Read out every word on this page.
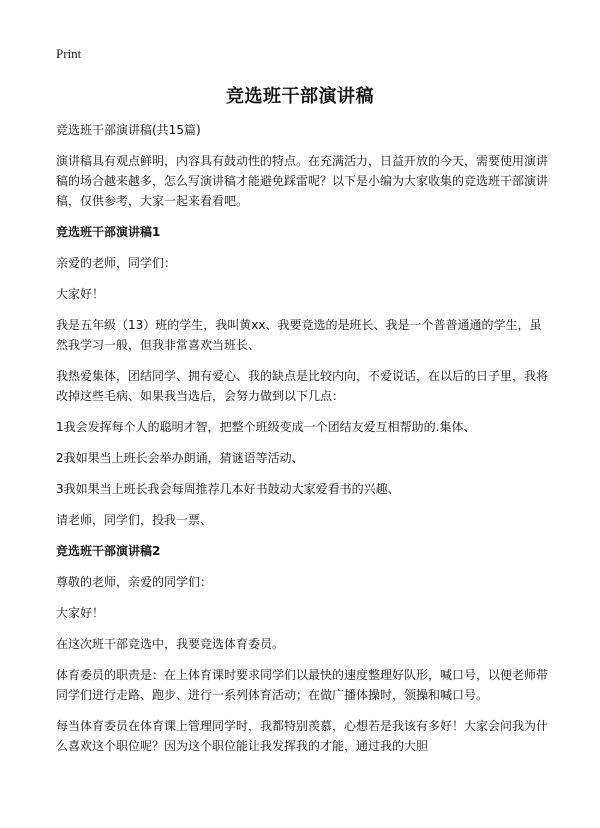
Print
竞选班干部演讲稿

竞选班干部演讲稿(共15篇)

演讲稿具有观点鲜明，内容具有鼓动性的特点。在充满活力，日益开放的今天，需要使用演讲稿的场合越来越多，怎么写演讲稿才能避免踩雷呢？以下是小编为大家收集的竞选班干部演讲稿，仅供参考，大家一起来看看吧。

竞选班干部演讲稿1

亲爱的老师，同学们：

大家好！

我是五年级（13）班的学生，我叫黄xx、我要竞选的是班长、我是一个普普通通的学生，虽然我学习一般，但我非常喜欢当班长、

我热爱集体，团结同学、拥有爱心、我的缺点是比较内向，不爱说话，在以后的日子里，我将改掉这些毛病、如果我当选后，会努力做到以下几点：

1我会发挥每个人的聪明才智，把整个班级变成一个团结友爱互相帮助的.集体、

2我如果当上班长会举办朗诵，猜谜语等活动、

3我如果当上班长我会每周推荐几本好书鼓动大家爱看书的兴趣、

请老师，同学们，投我一票、

竞选班干部演讲稿2

尊敬的老师，亲爱的同学们：

大家好！

在这次班干部竞选中，我要竞选体育委员。

体育委员的职责是：在上体育课时要求同学们以最快的速度整理好队形，喊口号，以便老师带同学们进行走路、跑步、进行一系列体育活动；在做广播体操时，领操和喊口号。

每当体育委员在体育课上管理同学时，我都特别羡慕，心想若是我该有多好！大家会问我为什么喜欢这个职位呢？因为这个职位能让我发挥我的才能，通过我的大胆
